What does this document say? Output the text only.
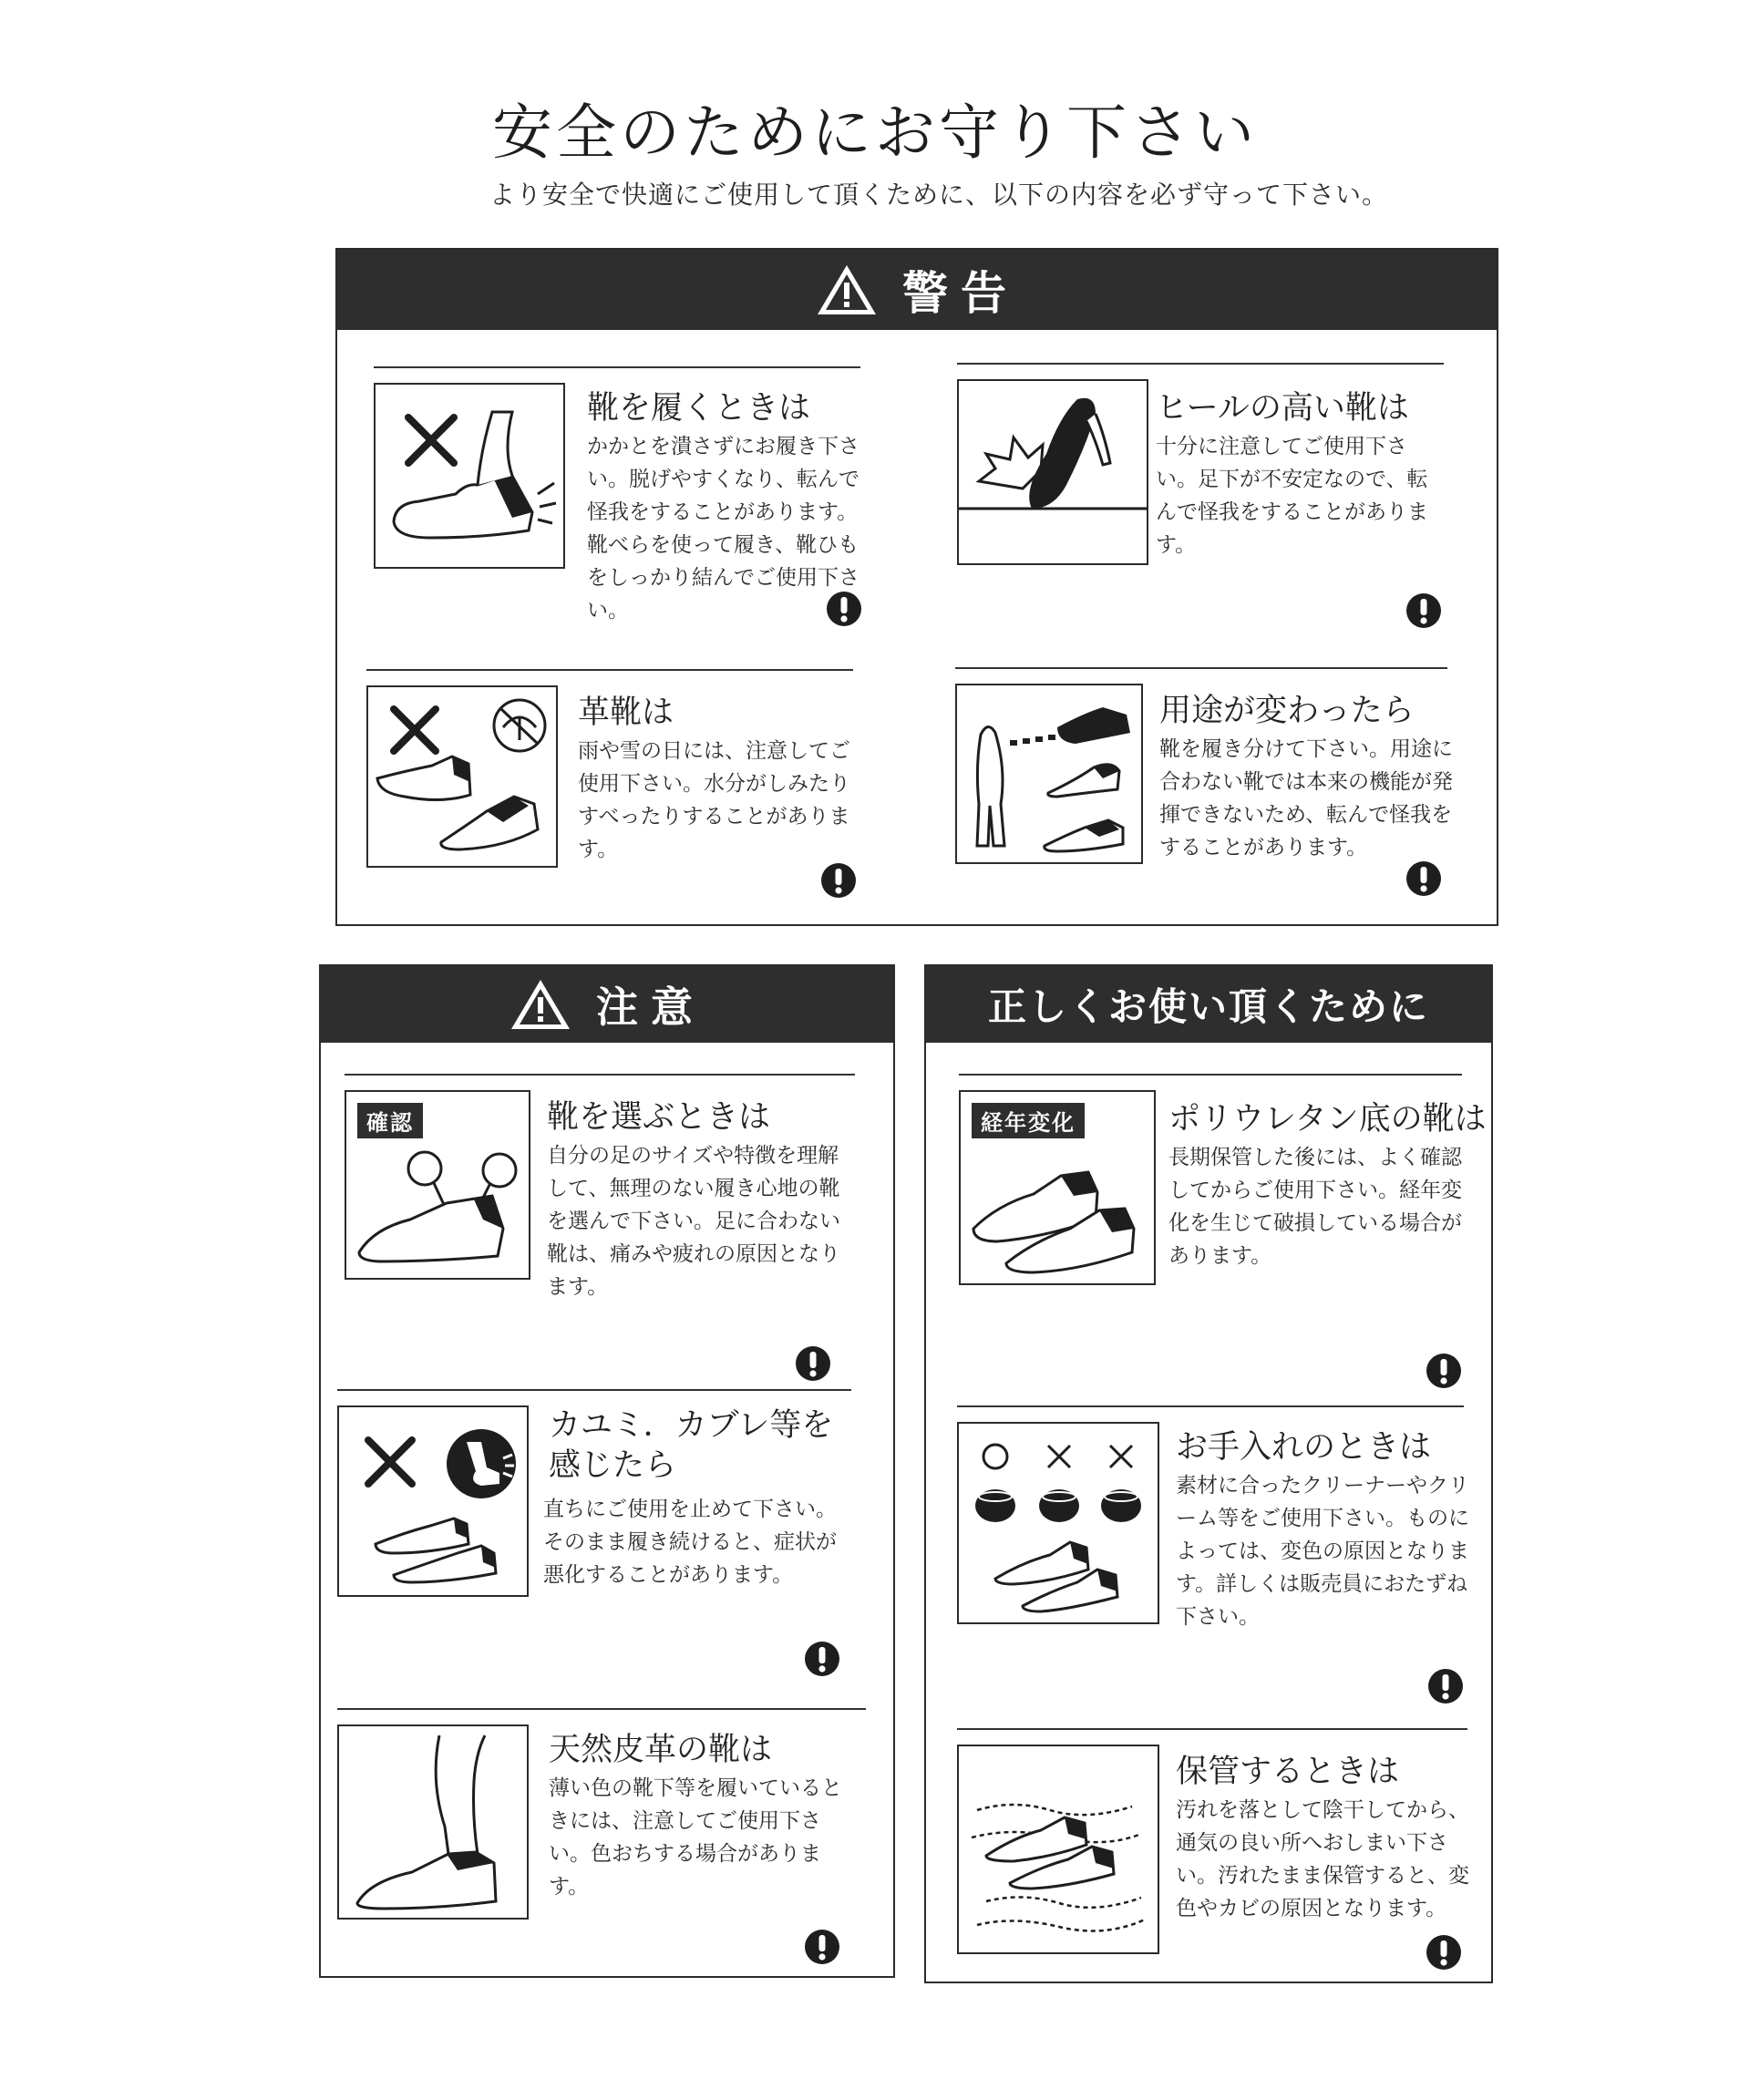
安全のためにお守り下さい
より安全で快適にご使用して頂くために、以下の内容を必ず守って下さい。
警告
靴を履くときは
かかとを潰さずにお履き下さい。脱げやすくなり、転んで怪我をすることがあります。靴べらを使って履き、靴ひもをしっかり結んでご使用下さい。
ヒールの高い靴は
十分に注意してご使用下さい。足下が不安定なので、転んで怪我をすることがあります。
革靴は
雨や雪の日には、注意してご使用下さい。水分がしみたりすべったりすることがあります。
用途が変わったら
靴を履き分けて下さい。用途に合わない靴では本来の機能が発揮できないため、転んで怪我をすることがあります。
注意
確認	靴を選ぶときは
自分の足のサイズや特徴を理解して、無理のない履き心地の靴を選んで下さい。足に合わない靴は、痛みや疲れの原因となります。
カユミ．カブレ等を感じたら
直ちにご使用を止めて下さい。そのまま履き続けると、症状が悪化することがあります。
天然皮革の靴は
薄い色の靴下等を履いているときには、注意してご使用下さい。色おちする場合があります。
正しくお使い頂くために
経年変化	ポリウレタン底の靴は
長期保管した後には、よく確認してからご使用下さい。経年変化を生じて破損している場合があります。
お手入れのときは
素材に合ったクリーナーやクリーム等をご使用下さい。ものによっては、変色の原因となります。詳しくは販売員におたずね下さい。
保管するときは
汚れを落として陰干してから、通気の良い所へおしまい下さい。汚れたまま保管すると、変色やカビの原因となります。
